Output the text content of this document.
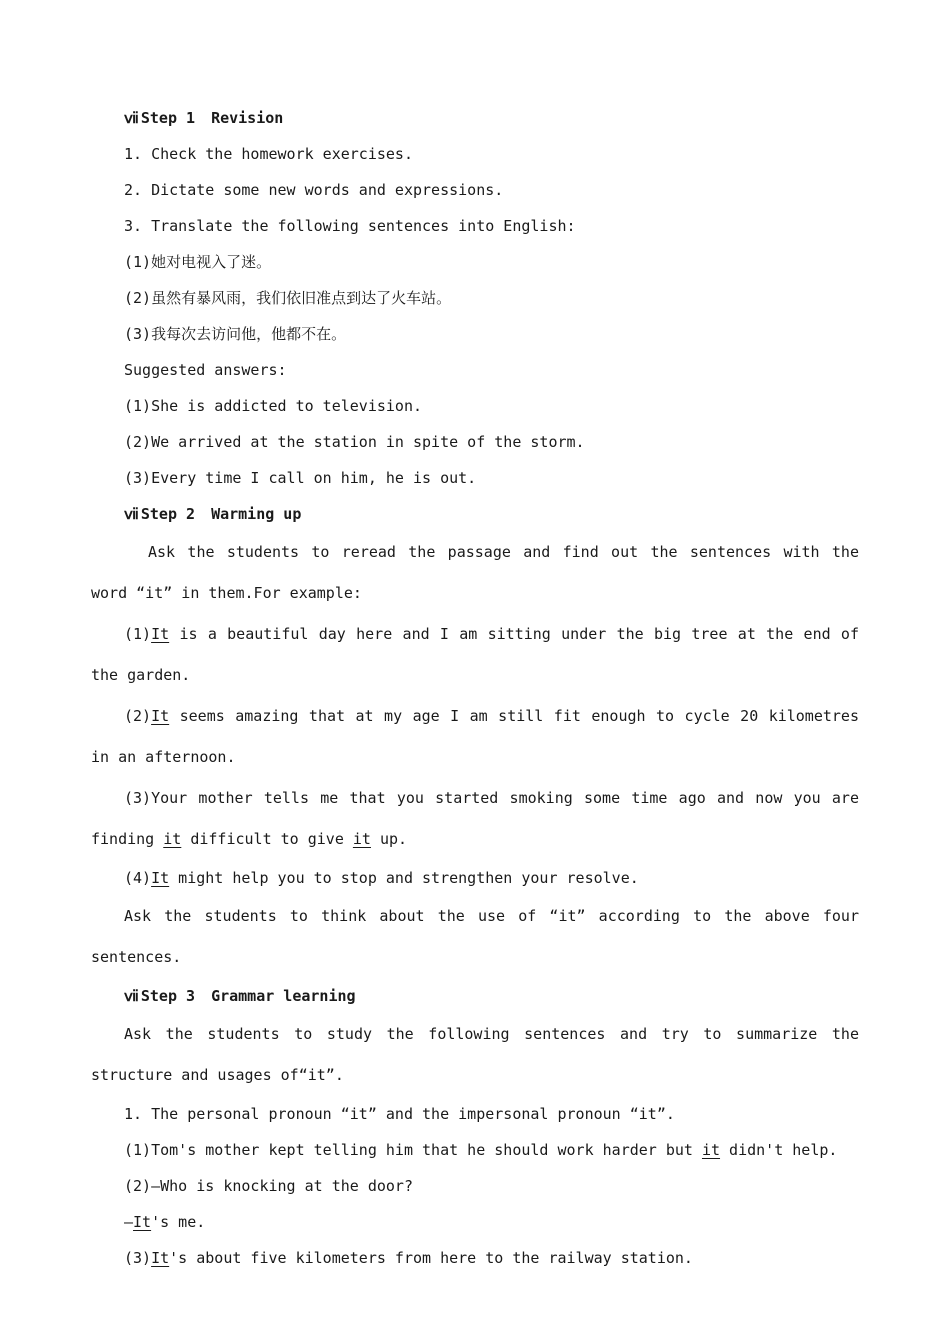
ⅶ Step 1 Revision

1. Check the homework exercises.

2. Dictate some new words and expressions.

3. Translate the following sentences into English:

(1)她对电视入了迷。

(2)虽然有暴风雨，我们依旧准点到达了火车站。

(3)我每次去访问他，他都不在。

Suggested answers:

(1)She is addicted to television.

(2)We arrived at the station in spite of the storm.

(3)Every time I call on him, he is out.

ⅶ Step 2 Warming up

Ask the students to reread the passage and find out the sentences with the word “it” in them.For example:

(1)It is a beautiful day here and I am sitting under the big tree at the end of the garden.

(2)It seems amazing that at my age I am still fit enough to cycle 20 kilometres in an afternoon.

(3)Your mother tells me that you started smoking some time ago and now you are finding it difficult to give it up.

(4)It might help you to stop and strengthen your resolve.

Ask the students to think about the use of “it” according to the above four sentences.

ⅶ Step 3 Grammar learning

Ask the students to study the following sentences and try to summarize the structure and usages of“it”.

1. The personal pronoun “it” and the impersonal pronoun “it”.

(1)Tom's mother kept telling him that he should work harder but it didn't help.

(2)—Who is knocking at the door?

—It's me.

(3)It's about five kilometers from here to the railway station.
